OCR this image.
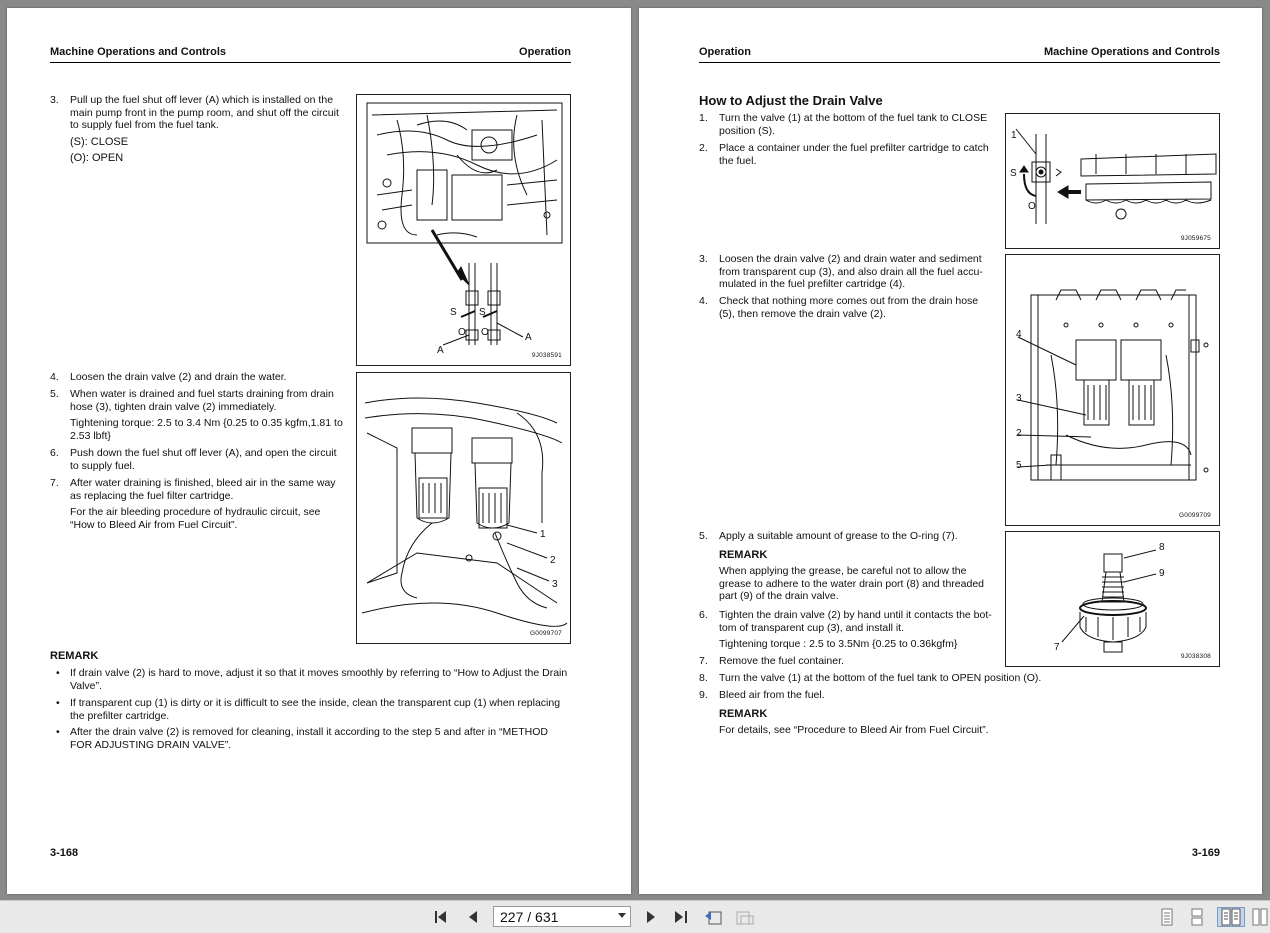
Machine Operations and Controls	Operation
3.	Pull up the fuel shut off lever (A) which is installed on the
main pump front in the pump room, and shut off the circuit
to supply fuel from the fuel tank.
(S): CLOSE
(O): OPEN
S S
O O
A
A
9J038591
4.	Loosen the drain valve (2) and drain the water.
5.	When water is drained and fuel starts draining from drain
hose (3), tighten drain valve (2) immediately.
Tightening torque: 2.5 to 3.4 Nm {0.25 to 0.35 kgfm,1.81 to
2.53 lbft}
6.	Push down the fuel shut off lever (A), and open the circuit
to supply fuel.
7.	After water draining is finished, bleed air in the same way
as replacing the fuel filter cartridge.
For the air bleeding procedure of hydraulic circuit, see
“How to Bleed Air from Fuel Circuit”.
1
2
3
G0099707
REMARK
• If drain valve (2) is hard to move, adjust it so that it moves smoothly by referring to “How to Adjust the Drain
Valve”.
• If transparent cup (1) is dirty or it is difficult to see the inside, clean the transparent cup (1) when replacing
the prefilter cartridge.
• After the drain valve (2) is removed for cleaning, install it according to the step 5 and after in “METHOD
FOR ADJUSTING DRAIN VALVE”.
3-168
Operation	Machine Operations and Controls
How to Adjust the Drain Valve
1.	Turn the valve (1) at the bottom of the fuel tank to CLOSE
position (S).
2.	Place a container under the fuel prefilter cartridge to catch
the fuel.
1
S
O
9J059675
3.	Loosen the drain valve (2) and drain water and sediment
from transparent cup (3), and also drain all the fuel accu-
mulated in the fuel prefilter cartridge (4).
4.	Check that nothing more comes out from the drain hose
(5), then remove the drain valve (2).
4
3
2
5
G0099709
5.	Apply a suitable amount of grease to the O-ring (7).
REMARK
When applying the grease, be careful not to allow the
grease to adhere to the water drain port (8) and threaded
part (9) of the drain valve.
6.	Tighten the drain valve (2) by hand until it contacts the bot-
tom of transparent cup (3), and install it.
Tightening torque : 2.5 to 3.5Nm {0.25 to 0.36kgfm}
8
9
7
9J038308
7.	Remove the fuel container.
8.	Turn the valve (1) at the bottom of the fuel tank to OPEN position (O).
9.	Bleed air from the fuel.
REMARK
For details, see “Procedure to Bleed Air from Fuel Circuit”.
3-169
227
/
631
